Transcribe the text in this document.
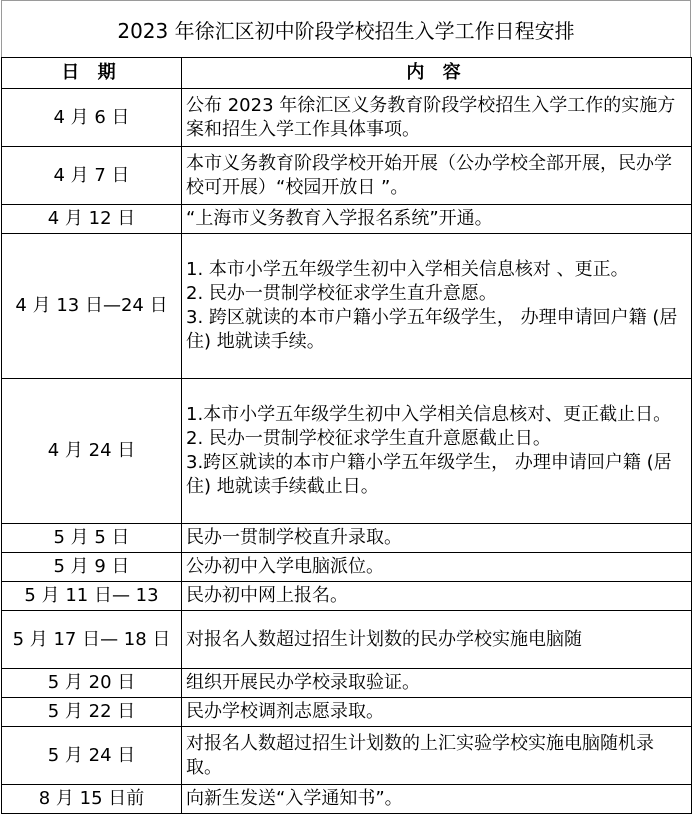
2023 年徐汇区初中阶段学校招生入学工作日程安排
日 期	内 容
4 月 6 日	公布 2023 年徐汇区义务教育阶段学校招生入学工作的实施方案和招生入学工作具体事项。

4 月 7 日	本市义务教育阶段学校开始开展（公办学校全部开展，民办学校可开展）“校园开放日 ”。

4 月 12 日	“上海市义务教育入学报名系统”开通。

4 月 13 日—24 日	1. 本市小学五年级学生初中入学相关信息核对 、更正。
2. 民办一贯制学校征求学生直升意愿。
3. 跨区就读的本市户籍小学五年级学生， 办理申请回户籍 (居住) 地就读手续。

4 月 24 日	1.本市小学五年级学生初中入学相关信息核对、更正截止日。
2. 民办一贯制学校征求学生直升意愿截止日。
3.跨区就读的本市户籍小学五年级学生， 办理申请回户籍 (居住) 地就读手续截止日。

5 月 5 日	民办一贯制学校直升录取。

5 月 9 日	公办初中入学电脑派位。

5 月 11 日— 13	民办初中网上报名。

5 月 17 日— 18 日	对报名人数超过招生计划数的民办学校实施电脑随

5 月 20 日	组织开展民办学校录取验证。

5 月 22 日	民办学校调剂志愿录取。

5 月 24 日	对报名人数超过招生计划数的上汇实验学校实施电脑随机录取。

8 月 15 日前	向新生发送“入学通知书”。
